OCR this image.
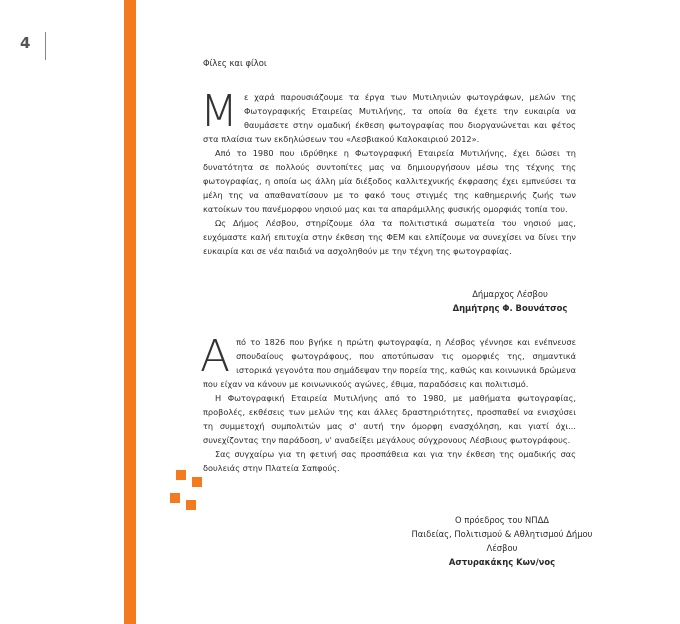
4
Φίλες και φίλοι

Με χαρά παρουσιάζουμε τα έργα των Μυτιληνιών φωτογράφων, μελών της Φωτογραφικής Εταιρείας Μυτιλήνης, τα οποία θα έχετε την ευκαιρία να θαυμάσετε στην ομαδική έκθεση φωτογραφίας που διοργανώνεται και φέτος στα πλαίσια των εκδηλώσεων του «Λεσβιακού Καλοκαιριού 2012».

Από το 1980 που ιδρύθηκε η Φωτογραφική Εταιρεία Μυτιλήνης, έχει δώσει τη δυνατότητα σε πολλούς συντοπίτες μας να δημιουργήσουν μέσω της τέχνης της φωτογραφίας, η οποία ως άλλη μία διέξοδος καλλιτεχνικής έκφρασης έχει εμπνεύσει τα μέλη της να απαθανατίσουν με το φακό τους στιγμές της καθημερινής ζωής των κατοίκων του πανέμορφου νησιού μας και τα απαράμιλλης φυσικής ομορφιάς τοπία του.

Ως Δήμος Λέσβου, στηρίζουμε όλα τα πολιτιστικά σωματεία του νησιού μας, ευχόμαστε καλή επιτυχία στην έκθεση της ΦΕΜ και ελπίζουμε να συνεχίσει να δίνει την ευκαιρία και σε νέα παιδιά να ασχοληθούν με την τέχνη της φωτογραφίας.

Δήμαρχος Λέσβου
Δημήτρης Φ. Βουνάτσος

Από το 1826 που βγήκε η πρώτη φωτογραφία, η Λέσβος γέννησε και ενέπνευσε σπουδαίους φωτογράφους, που αποτύπωσαν τις ομορφιές της, σημαντικά ιστορικά γεγονότα που σημάδεψαν την πορεία της, καθώς και κοινωνικά δρώμενα που είχαν να κάνουν με κοινωνικούς αγώνες, έθιμα, παραδόσεις και πολιτισμό.

Η Φωτογραφική Εταιρεία Μυτιλήνης από το 1980, με μαθήματα φωτογραφίας, προβολές, εκθέσεις των μελών της και άλλες δραστηριότητες, προσπαθεί να ενισχύσει τη συμμετοχή συμπολιτών μας σ' αυτή την όμορφη ενασχόληση, και γιατί όχι... συνεχίζοντας την παράδοση, ν' αναδείξει μεγάλους σύγχρονους Λέσβιους φωτογράφους.

Σας συγχαίρω για τη φετινή σας προσπάθεια και για την έκθεση της ομαδικής σας δουλειάς στην Πλατεία Σαπφούς.

Ο πρόεδρος του ΝΠΔΔ
Παιδείας, Πολιτισμού & Αθλητισμού Δήμου
Λέσβου
Αστυρακάκης Κων/νος
